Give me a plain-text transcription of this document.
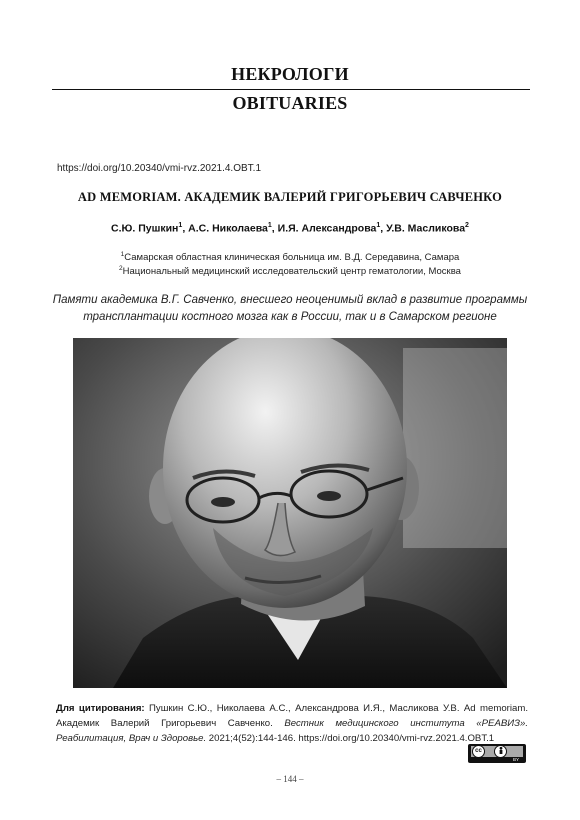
НЕКРОЛОГИ
OBITUARIES
https://doi.org/10.20340/vmi-rvz.2021.4.OBT.1
AD MEMORIAM. АКАДЕМИК ВАЛЕРИЙ ГРИГОРЬЕВИЧ САВЧЕНКО
С.Ю. Пушкин$^1$, А.С. Николаева$^1$, И.Я. Александрова$^1$, У.В. Масликова$^2$
$^1$Самарская областная клиническая больница им. В.Д. Середавина, Самара
$^2$Национальный медицинский исследовательский центр гематологии, Москва
Памяти академика В.Г. Савченко, внесшего неоценимый вклад в развитие программы
трансплантации костного мозга как в России, так и в Самарском регионе
Для цитирования: Пушкин С.Ю., Николаева А.С., Александрова И.Я., Масликова У.В. Ad memoriam. Академик Валерий Григорьевич Савченко. Вестник медицинского института «РЕАВИЗ». Реабилитация, Врач и Здоровье. 2021;4(52):144-146. https://doi.org/10.20340/vmi-rvz.2021.4.OBT.1
cc
BY
– 144 –
